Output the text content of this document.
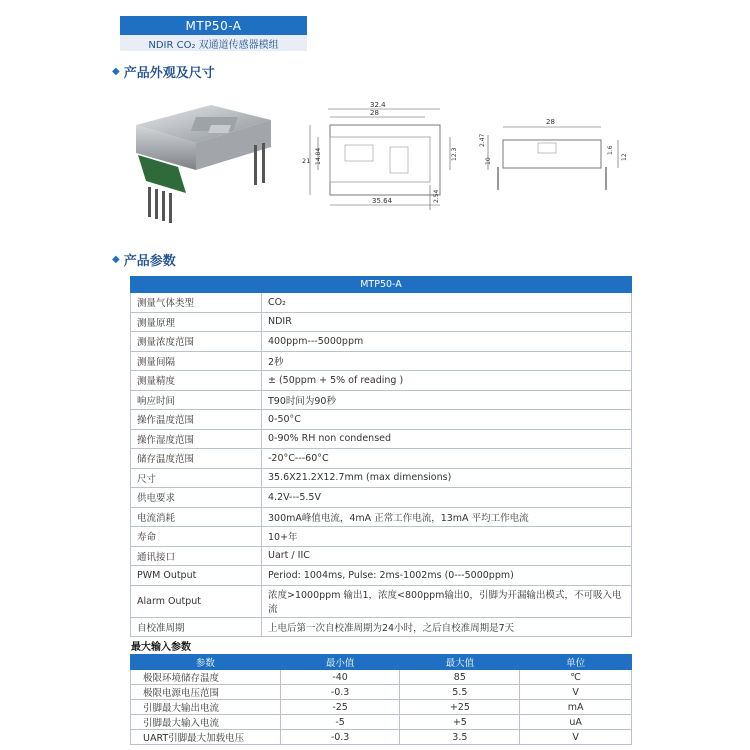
MTP50-A
NDIR CO₂ 双通道传感器模组
◆ 产品外观及尺寸
32.4
28
21 14.84	12.3
35.64	2.54
28
2.47
10
1.6
12
◆ 产品参数
MTP50-A	
测量气体类型	CO₂
测量原理	NDIR
测量浓度范围	400ppm---5000ppm
测量间隔	2秒
测量精度	± (50ppm + 5% of reading )
响应时间	T90时间为90秒
操作温度范围	0-50°C
操作湿度范围	0-90% RH non condensed
储存温度范围	-20°C---60°C
尺寸	35.6X21.2X12.7mm (max dimensions)
供电要求	4.2V---5.5V
电流消耗	300mA峰值电流，4mA 正常工作电流，13mA 平均工作电流
寿命	10+年
通讯接口	Uart / IIC
PWM Output	Period: 1004ms, Pulse: 2ms-1002ms (0---5000ppm)
Alarm Output	浓度>1000ppm 输出1，浓度<800ppm输出0，引脚为开漏输出模式，不可吸入电流
自校准周期	上电后第一次自校准周期为24小时，之后自校准周期是7天
最大输入参数
参数	最小值	最大值	单位
极限环境储存温度	-40	85	℃
极限电源电压范围	-0.3	5.5	V
引脚最大输出电流	-25	+25	mA
引脚最大输入电流	-5	+5	uA
UART引脚最大加载电压	-0.3	3.5	V
